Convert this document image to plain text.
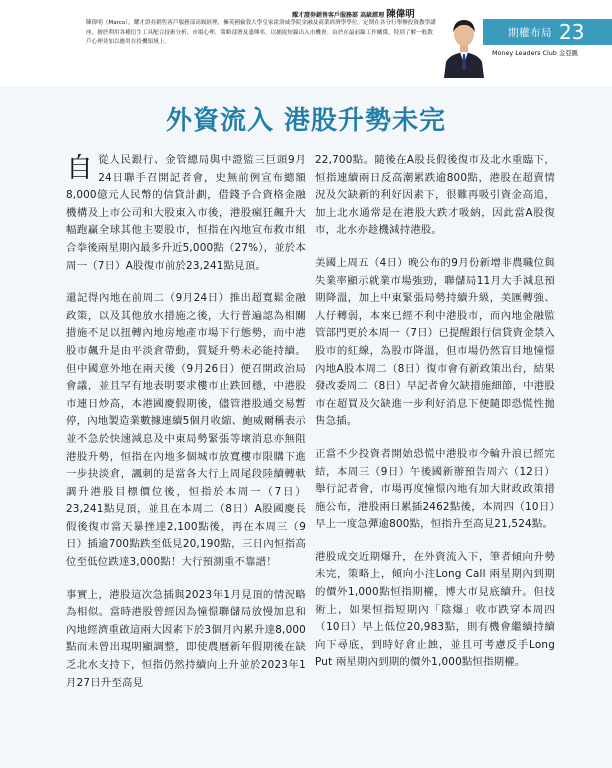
耀才證券銷售客戶服務部 高級經理 陳偉明
陳偉明（Marco），耀才證券銷售客戶服務部高級經理，擁英國倫敦大學皇家霍洛威學院金融及商業經濟學學位。定期在各分行舉辦投資教學講座，擅於利用各種衍生工具配合技術分析、市場心理、策略部署及盛傳率，以捕捉短線出入市機會。由於在最前線工作關係，特別了解一般散戶心理並加以應用在投機領域上。
期權布局 23
Money Leaders Club 金亞匯
外資流入 港股升勢未完

自從人民銀行、金管總局與中證監三巨頭9月24日聯手召開記者會，史無前例宣布總額8,000億元人民幣的信貸計劃，借錢予合資格金融機構及上市公司和大股東入市後，港股瘋狂飆升大幅跑贏全球其他主要股市，恒指在內地宣布救市組合拳後兩星期內最多升近5,000點（27%），並於本周一（7日）A股復市前於23,241點見頂。

還記得內地在前周二（9月24日）推出超寬鬆金融政策，以及其他放水措施之後，大行普遍認為相關措施不足以扭轉內地房地產市場下行態勢，而中港股市飆升是由平淡倉帶動，質疑升勢未必能持續。但中國意外地在兩天後（9月26日）便召開政治局會議，並且罕有地表明要求樓市止跌回穩，中港股市連日炒高，本港國慶假期後，儘管港股通交易暫停，內地製造業數據連續5個月收縮、鮑威爾稱表示並不急於快速減息及中東局勢緊張等壞消息亦無阻港股升勢，恒指在內地多個城市放寬樓市限購下進一步抉淡倉，諷刺的是當各大行上周尾段陸續轉軑調升港股目標價位後，恒指於本周一（7日）23,241點見頂，並且在本周二（8日）A股國慶長假後復市當天暴挫達2,100點後，再在本周三（9日）插逾700點跌至低見20,190點，三日內恒指高位至低位跌達3,000點！大行預測重不靠譜！

事實上，港股這次急插與2023年1月見頂的情況略為相似。當時港股曾經因為憧憬聯儲局放慢加息和內地經濟重啟這兩大因素下於3個月內累升達8,000點而未曾出現明顯調整，即使農曆新年假期後在缺乏北水支持下，恒指仍然持續向上升並於2023年1月27日升至高見

22,700點。隨後在A股長假後復市及北水重臨下，恒指連續兩日反高潮累跌逾800點，港股在超賣情況及欠缺新的利好因素下，很難再吸引資金高追，加上北水通常是在港股大跌才吸納，因此當A股復市，北水亦趁機減持港股。

美國上周五（4日）晚公布的9月份新增非農職位與失業率顯示就業市場強勁，聯儲局11月大手減息預期降溫，加上中東緊張局勢持續升級，美匯轉強、人仔轉弱，本來已經不利中港股市，而內地金融監管部門更於本周一（7日）已提醒銀行信貸資金禁入股市的紅線，為股市降溫，但市場仍然盲目地憧憬內地A股本周二（8日）復市會有新政策出台，結果發改委周二（8日）早記者會欠缺措施細節，中港股市在超買及欠缺進一步利好消息下便隨即恐慌性拋售急插。

正當不少投資者開始恐慌中港股市今輪升浪已經完結，本周三（9日）午後國新辦預告周六（12日）舉行記者會，市場再度憧憬內地有加大財政政策措施公布，港股兩日累插2462點後，本周四（10日）早上一度急彈逾800點，恒指升至高見21,524點。

港股成交近期爆升，在外資流入下，筆者傾向升勢未完，策略上，傾向小注Long Call 兩星期內到期的價外1,000點恒指期權，博大市見底續升。但技術上，如果恒指短期內「陰爆」收市跌穿本周四（10日）早上低位20,983點，則有機會繼續持續向下尋底，到時好倉止蝕，並且可考慮反手Long Put 兩星期內到期的價外1,000點恒指期權。
